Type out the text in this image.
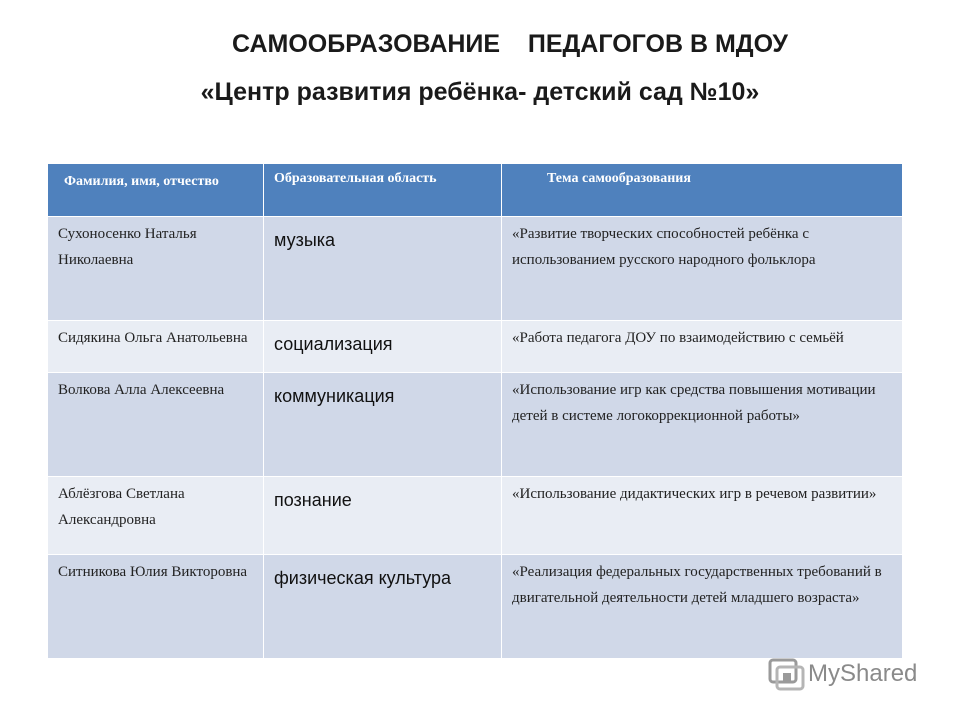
САМООБРАЗОВАНИЕ    ПЕДАГОГОВ В МДОУ
«Центр развития ребёнка- детский сад №10»
Фамилия, имя, отчество	Образовательная область	Тема самообразования
Сухоносенко Наталья Николаевна	музыка	«Развитие творческих способностей ребёнка с использованием русского народного фольклора
Сидякина Ольга Анатольевна	социализация	«Работа педагога ДОУ по взаимодействию с семьёй
Волкова Алла Алексеевна	коммуникация	«Использование игр как средства повышения мотивации детей в системе логокоррекционной работы»
Аблёзгова Светлана Александровна	познание	«Использование дидактических игр в речевом развитии»
Ситникова Юлия Викторовна	физическая культура	«Реализация федеральных государственных требований в двигательной деятельности детей младшего возраста»
MyShared
